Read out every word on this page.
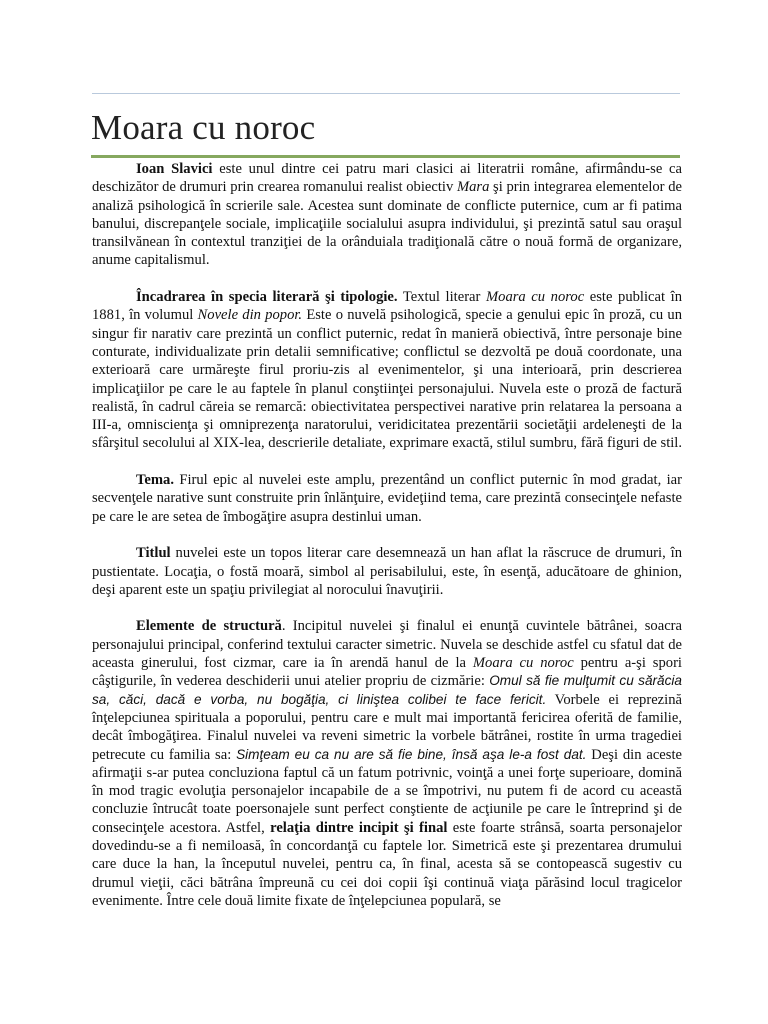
Moara cu noroc

Ioan Slavici este unul dintre cei patru mari clasici ai literatrii române, afirmându-se ca deschizător de drumuri prin crearea romanului realist obiectiv Mara şi prin integrarea elementelor de analiză psihologică în scrierile sale. Acestea sunt dominate de conflicte puternice, cum ar fi patima banului, discrepanţele sociale, implicaţiile socialului asupra individului, şi prezintă satul sau oraşul transilvănean în contextul tranziţiei de la orânduiala tradiţională către o nouă formă de organizare, anume capitalismul.

Încadrarea în specia literară şi tipologie. Textul literar Moara cu noroc este publicat în 1881, în volumul Novele din popor. Este o nuvelă psihologică, specie a genului epic în proză, cu un singur fir narativ care prezintă un conflict puternic, redat în manieră obiectivă, între personaje bine conturate, individualizate prin detalii semnificative; conflictul se dezvoltă pe două coordonate, una exterioară care urmăreşte firul proriu-zis al evenimentelor, şi una interioară, prin descrierea implicaţiilor pe care le au faptele în planul conştiinţei personajului. Nuvela este o proză de factură realistă, în cadrul căreia se remarcă: obiectivitatea perspectivei narative prin relatarea la persoana a III-a, omniscienţa şi omniprezenţa naratorului, veridicitatea prezentării societăţii ardeleneşti de la sfârşitul secolului al XIX-lea, descrierile detaliate, exprimare exactă, stilul sumbru, fără figuri de stil.

Tema. Firul epic al nuvelei este amplu, prezentând un conflict puternic în mod gradat, iar secvenţele narative sunt construite prin înlănţuire, evideţiind tema, care prezintă consecinţele nefaste pe care le are setea de îmbogăţire asupra destinlui uman.

Titlul nuvelei este un topos literar care desemnează un han aflat la răscruce de drumuri, în pustientate. Locaţia, o fostă moară, simbol al perisabilului, este, în esenţă, aducătoare de ghinion, deşi aparent este un spaţiu privilegiat al norocului înavuţirii.

Elemente de structură. Incipitul nuvelei şi finalul ei enunţă cuvintele bătrânei, soacra personajului principal, conferind textului caracter simetric. Nuvela se deschide astfel cu sfatul dat de aceasta ginerului, fost cizmar, care ia în arendă hanul de la Moara cu noroc pentru a-şi spori câştigurile, în vederea deschiderii unui atelier propriu de cizmărie: Omul să fie mulţumit cu sărăcia sa, căci, dacă e vorba, nu bogăţia, ci liniştea colibei te face fericit. Vorbele ei reprezină înţelepciunea spirituala a poporului, pentru care e mult mai importantă fericirea oferită de familie, decât îmbogăţirea. Finalul nuvelei va reveni simetric la vorbele bătrânei, rostite în urma tragediei petrecute cu familia sa: Simţeam eu ca nu are să fie bine, însă aşa le-a fost dat. Deşi din aceste afirmaţii s-ar putea concluziona faptul că un fatum potrivnic, voinţă a unei forţe superioare, domină în mod tragic evoluţia personajelor incapabile de a se împotrivi, nu putem fi de acord cu această concluzie întrucât toate poersonajele sunt perfect conştiente de acţiunile pe care le întreprind şi de consecinţele acestora. Astfel, relaţia dintre incipit şi final este foarte strânsă, soarta personajelor dovedindu-se a fi nemiloasă, în concordanţă cu faptele lor. Simetrică este şi prezentarea drumului care duce la han, la începutul nuvelei, pentru ca, în final, acesta să se contopească sugestiv cu drumul vieţii, căci bătrâna împreună cu cei doi copii îşi continuă viaţa părăsind locul tragicelor evenimente. Între cele două limite fixate de înţelepciunea populară, se
